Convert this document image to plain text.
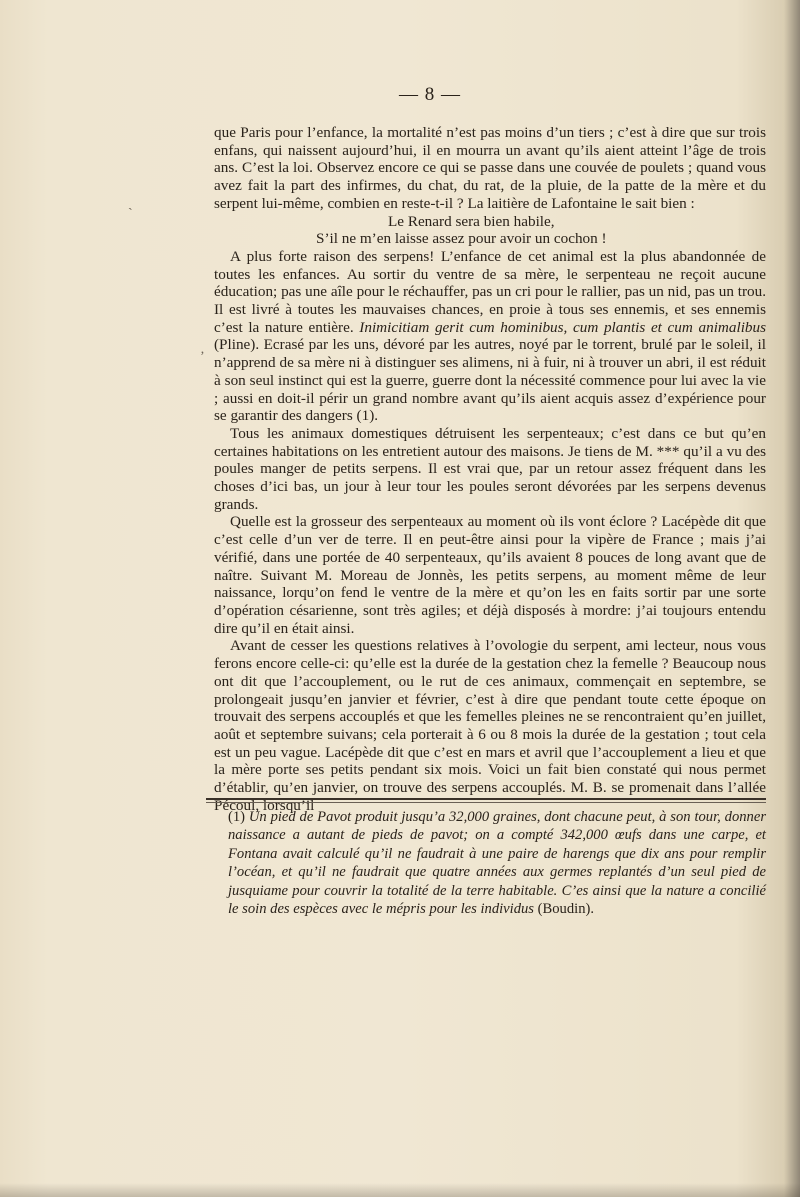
— 8 —

que Paris pour l’enfance, la mortalité n’est pas moins d’un tiers ; c’est à dire que sur trois enfans, qui naissent aujourd’hui, il en mourra un avant qu’ils aient atteint l’âge de trois ans. C’est la loi. Observez encore ce qui se passe dans une couvée de poulets ; quand vous avez fait la part des infirmes, du chat, du rat, de la pluie, de la patte de la mère et du serpent lui-même, combien en reste-t-il ? La laitière de Lafontaine le sait bien :

Le Renard sera bien habile,

S’il ne m’en laisse assez pour avoir un cochon !

A plus forte raison des serpens! L’enfance de cet animal est la plus abandonnée de toutes les enfances. Au sortir du ventre de sa mère, le serpenteau ne reçoit aucune éducation; pas une aîle pour le réchauffer, pas un cri pour le rallier, pas un nid, pas un trou. Il est livré à toutes les mauvaises chances, en proie à tous ses ennemis, et ses ennemis c’est la nature entière. Inimicitiam gerit cum hominibus, cum plantis et cum animalibus (Pline). Ecrasé par les uns, dévoré par les autres, noyé par le torrent, brulé par le soleil, il n’apprend de sa mère ni à distinguer ses alimens, ni à fuir, ni à trouver un abri, il est réduit à son seul instinct qui est la guerre, guerre dont la nécessité commence pour lui avec la vie ; aussi en doit-il périr un grand nombre avant qu’ils aient acquis assez d’expérience pour se garantir des dangers (1).

Tous les animaux domestiques détruisent les serpenteaux; c’est dans ce but qu’en certaines habitations on les entretient autour des maisons. Je tiens de M. *** qu’il a vu des poules manger de petits serpens. Il est vrai que, par un retour assez fréquent dans les choses d’ici bas, un jour à leur tour les poules seront dévorées par les serpens devenus grands.

Quelle est la grosseur des serpenteaux au moment où ils vont éclore ? Lacépède dit que c’est celle d’un ver de terre. Il en peut-être ainsi pour la vipère de France ; mais j’ai vérifié, dans une portée de 40 serpenteaux, qu’ils avaient 8 pouces de long avant que de naître. Suivant M. Moreau de Jonnès, les petits serpens, au moment même de leur naissance, lorqu’on fend le ventre de la mère et qu’on les en faits sortir par une sorte d’opération césarienne, sont très agiles; et déjà disposés à mordre: j’ai toujours entendu dire qu’il en était ainsi.

Avant de cesser les questions relatives à l’ovologie du serpent, ami lecteur, nous vous ferons encore celle-ci: qu’elle est la durée de la gestation chez la femelle ? Beaucoup nous ont dit que l’accouplement, ou le rut de ces animaux, commençait en septembre, se prolongeait jusqu’en janvier et février, c’est à dire que pendant toute cette époque on trouvait des serpens accouplés et que les femelles pleines ne se rencontraient qu’en juillet, août et septembre suivans; cela porterait à 6 ou 8 mois la durée de la gestation ; tout cela est un peu vague. Lacépède dit que c’est en mars et avril que l’accouplement a lieu et que la mère porte ses petits pendant six mois. Voici un fait bien constaté qui nous permet d’établir, qu’en janvier, on trouve des serpens accouplés. M. B. se promenait dans l’allée Pécoul, lorsqu’il

(1) Un pied de Pavot produit jusqu’a 32,000 graines, dont chacune peut, à son tour, donner naissance a autant de pieds de pavot; on a compté 342,000 œufs dans une carpe, et Fontana avait calculé qu’il ne faudrait à une paire de harengs que dix ans pour remplir l’océan, et qu’il ne faudrait que quatre années aux germes replantés d’un seul pied de jusquiame pour couvrir la totalité de la terre habitable. C’es ainsi que la nature a concilié le soin des espèces avec le mépris pour les individus (Boudin).

ˎ
‚
